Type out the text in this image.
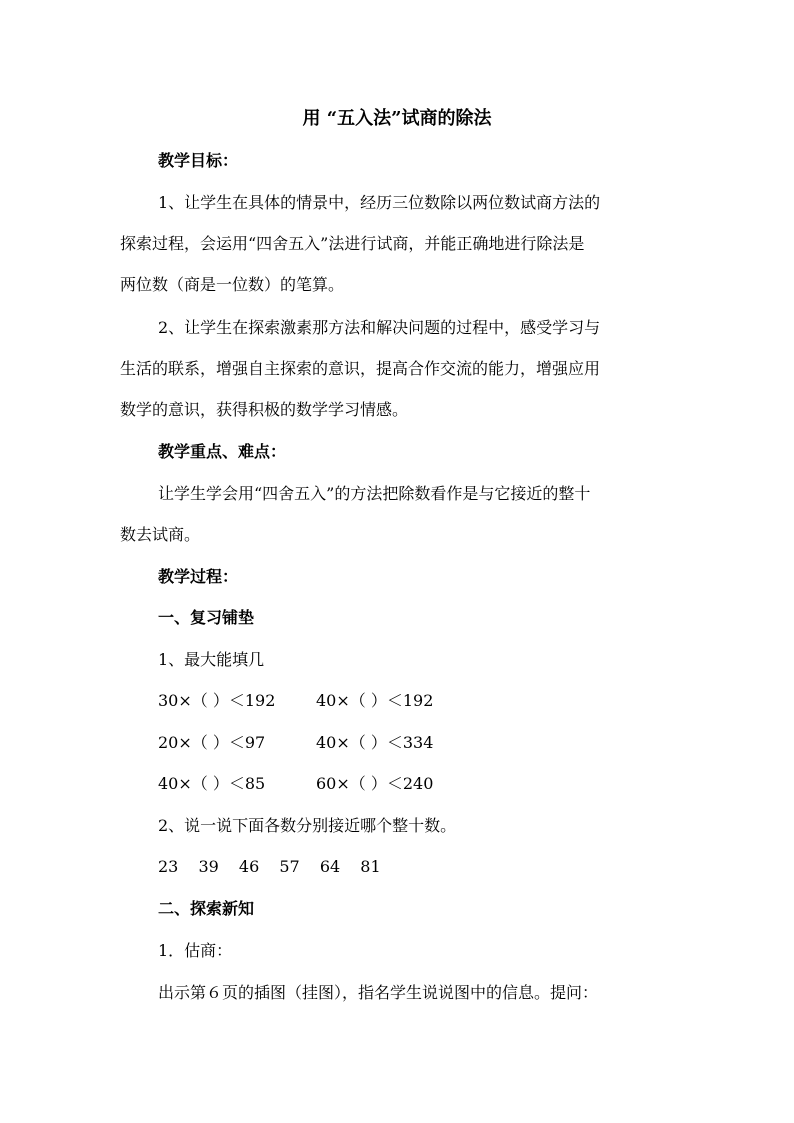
用 “五入法”试商的除法
教学目标：
1、让学生在具体的情景中，经历三位数除以两位数试商方法的
探索过程，会运用“四舍五入”法进行试商，并能正确地进行除法是
两位数（商是一位数）的笔算。
2、让学生在探索激素那方法和解决问题的过程中，感受学习与
生活的联系，增强自主探索的意识，提高合作交流的能力，增强应用
数学的意识，获得积极的数学学习情感。
教学重点、难点：
让学生学会用“四舍五入”的方法把除数看作是与它接近的整十
数去试商。
教学过程：
一、复习铺垫
1、最大能填几
30×（ ）＜192	40×（ ）＜192
20×（ ）＜97	40×（ ）＜334
40×（ ）＜85	60×（ ）＜240
2、说一说下面各数分别接近哪个整十数。
23 39 46 57 64 81
二、探索新知
1．估商：
出示第６页的插图（挂图），指名学生说说图中的信息。提问：
